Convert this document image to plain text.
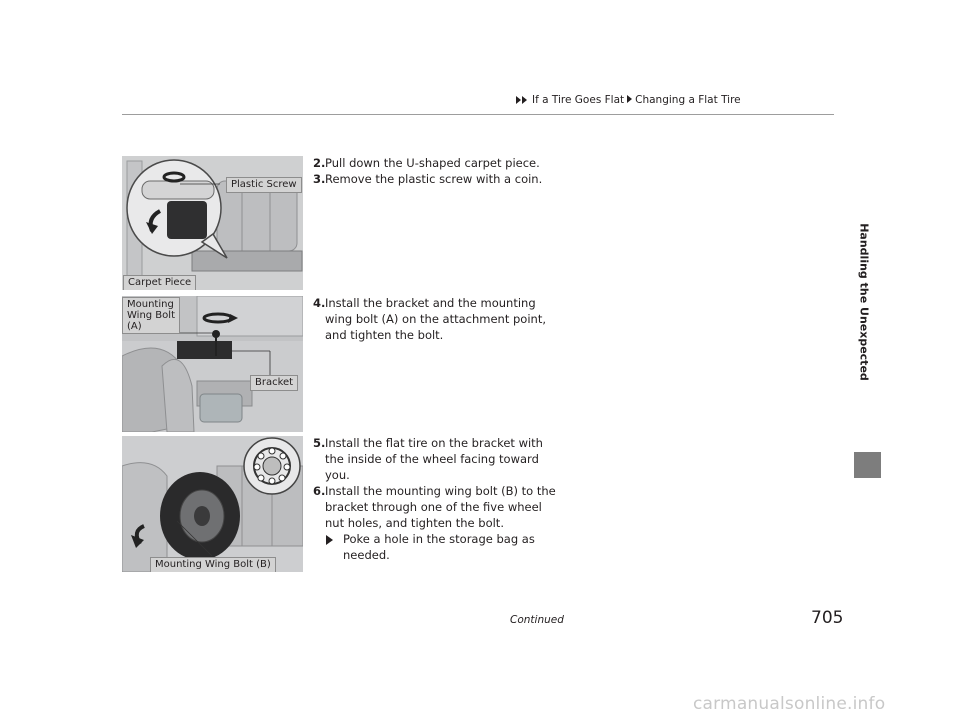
If a Tire Goes Flat Changing a Flat Tire
Handling the Unexpected
Plastic Screw
Carpet Piece
Mounting
Wing Bolt
(A)
Bracket
Mounting Wing Bolt (B)

2. Pull down the U-shaped carpet piece.

3. Remove the plastic screw with a coin.

4. Install the bracket and the mounting wing bolt (A) on the attachment point, and tighten the bolt.

5. Install the flat tire on the bracket with the inside of the wheel facing toward you.

6. Install the mounting wing bolt (B) to the bracket through one of the five wheel nut holes, and tighten the bolt.

Poke a hole in the storage bag as needed.

Continued	705
carmanualsonline.info
